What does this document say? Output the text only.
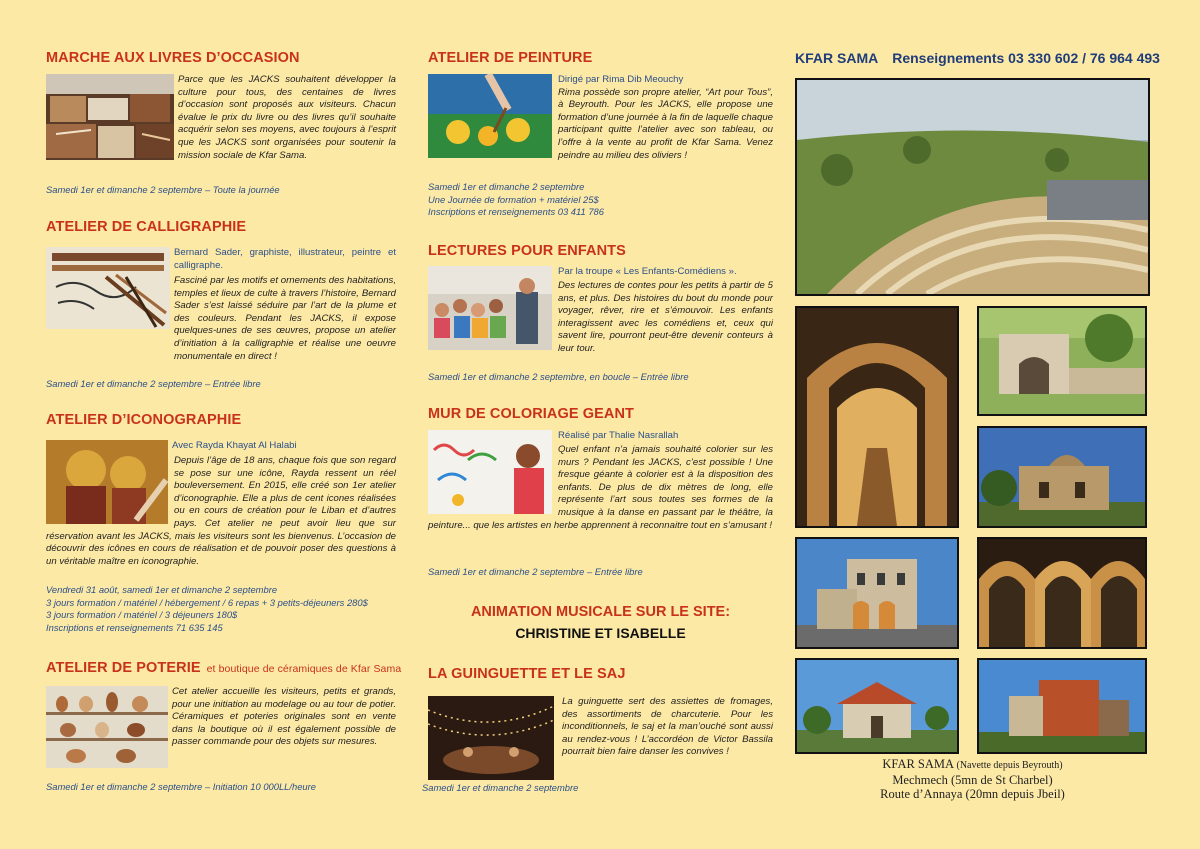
MARCHE AUX LIVRES D’OCCASION
Parce que les JACKS souhaitent développer la culture pour tous, des centaines de livres d’occasion sont proposés aux visiteurs. Chacun évalue le prix du livre ou des livres qu’il souhaite acquérir selon ses moyens, avec toujours à l’esprit que les JACKS sont organisées pour soutenir la mission sociale de Kfar Sama.
Samedi 1er et dimanche 2 septembre – Toute la journée
ATELIER DE CALLIGRAPHIE
Bernard Sader, graphiste, illustrateur, peintre et calligraphe.
Fasciné par les motifs et ornements des habitations, temples et lieux de culte à travers l’histoire, Bernard Sader s’est laissé séduire par l’art de la plume et des couleurs. Pendant les JACKS, il expose quelques-unes de ses œuvres, propose un atelier d’initiation à la calligraphie et réalise une oeuvre monumentale en direct !
Samedi 1er et dimanche 2 septembre – Entrée libre
ATELIER D’ICONOGRAPHIE
Avec Rayda Khayat Al Halabi
Depuis l’âge de 18 ans, chaque fois que son regard se pose sur une icône, Rayda ressent un réel bouleversement. En 2015, elle créé son 1er atelier d’iconographie. Elle a plus de cent icones réalisées ou en cours de création pour le Liban et d’autres pays. Cet atelier ne peut avoir lieu que sur réservation avant les JACKS, mais les visiteurs sont les bienvenus. L’occasion de découvrir des icônes en cours de réalisation et de pouvoir poser des questions à un véritable maître en iconographie.
Vendredi 31 août, samedi 1er et dimanche 2 septembre
3 jours formation / matériel / hébergement / 6 repas + 3 petits-déjeuners 280$
3 jours formation / matériel / 3 déjeuners 180$
Inscriptions et renseignements 71 635 145
ATELIER DE POTERIE et boutique de céramiques de Kfar Sama
Cet atelier accueille les visiteurs, petits et grands, pour une initiation au modelage ou au tour de potier. Céramiques et poteries originales sont en vente dans la boutique où il est également possible de passer commande pour des objets sur mesures.
Samedi 1er et dimanche 2 septembre – Initiation 10 000LL/heure
ATELIER DE PEINTURE
Dirigé par Rima Dib Meouchy
Rima possède son propre atelier, “Art pour Tous”, à Beyrouth. Pour les JACKS, elle propose une formation d’une journée à la fin de laquelle chaque participant quitte l’atelier avec son tableau, ou l’offre à la vente au profit de Kfar Sama. Venez peindre au milieu des oliviers !
Samedi 1er et dimanche 2 septembre
Une Journée de formation + matériel 25$
Inscriptions et renseignements 03 411 786
LECTURES POUR ENFANTS
Par la troupe « Les Enfants-Comédiens ».
Des lectures de contes pour les petits à partir de 5 ans, et plus. Des histoires du bout du monde pour voyager, rêver, rire et s’émouvoir. Les enfants interagissent avec les comédiens et, ceux qui savent lire, pourront peut-être devenir conteurs à leur tour.
Samedi 1er et dimanche 2 septembre, en boucle – Entrée libre
MUR DE COLORIAGE GEANT
Réalisé par Thalie Nasrallah
Quel enfant n’a jamais souhaité colorier sur les murs ? Pendant les JACKS, c’est possible ! Une fresque géante à colorier est à la disposition des enfants. De plus de dix mètres de long, elle représente l’art sous toutes ses formes de la musique à la danse en passant par le théâtre, la peinture... que les artistes en herbe apprennent à reconnaitre tout en s’amusant !
Samedi 1er et dimanche 2 septembre – Entrée libre
ANIMATION MUSICALE SUR LE SITE:
CHRISTINE ET ISABELLE
LA GUINGUETTE ET LE SAJ
La guinguette sert des assiettes de fromages, des assortiments de charcuterie. Pour les inconditionnels, le saj et la man’ouché sont aussi au rendez-vous ! L’accordéon de Victor Bassila pourrait bien faire danser les convives !
Samedi 1er et dimanche 2 septembre
KFAR SAMA Renseignements 03 330 602 / 76 964 493
KFAR SAMA (Navette depuis Beyrouth)
Mechmech (5mn de St Charbel)
Route d’Annaya (20mn depuis Jbeil)
